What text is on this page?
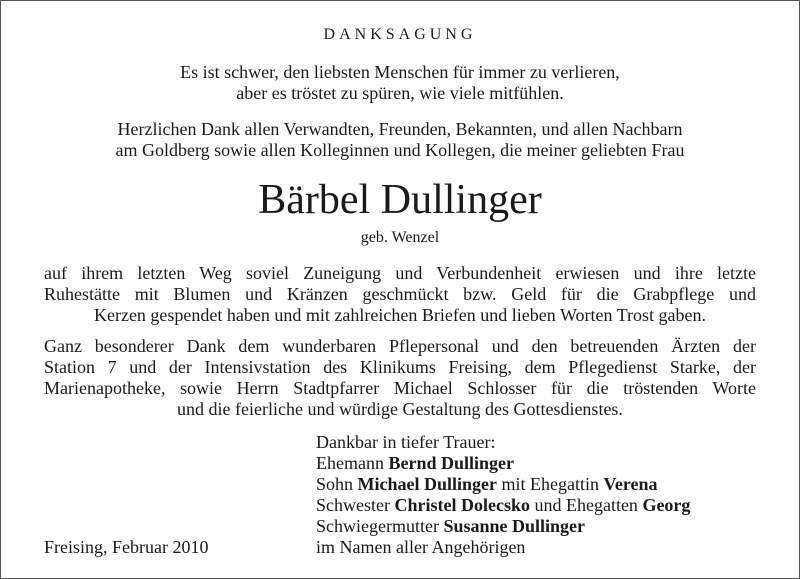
DANKSAGUNG
Es ist schwer, den liebsten Menschen für immer zu verlieren,
aber es tröstet zu spüren, wie viele mitfühlen.
Herzlichen Dank allen Verwandten, Freunden, Bekannten, und allen Nachbarn
am Goldberg sowie allen Kolleginnen und Kollegen, die meiner geliebten Frau
Bärbel Dullinger
geb. Wenzel
auf ihrem letzten Weg soviel Zuneigung und Verbundenheit erwiesen und ihre letzte
Ruhestätte mit Blumen und Kränzen geschmückt bzw. Geld für die Grabpflege und
Kerzen gespendet haben und mit zahlreichen Briefen und lieben Worten Trost gaben.
Ganz besonderer Dank dem wunderbaren Pflepersonal und den betreuenden Ärzten der
Station 7 und der Intensivstation des Klinikums Freising, dem Pflegedienst Starke, der
Marienapotheke, sowie Herrn Stadtpfarrer Michael Schlosser für die tröstenden Worte
und die feierliche und würdige Gestaltung des Gottesdienstes.
Dankbar in tiefer Trauer:
Ehemann Bernd Dullinger
Sohn Michael Dullinger mit Ehegattin Verena
Schwester Christel Dolecsko und Ehegatten Georg
Schwiegermutter Susanne Dullinger
im Namen aller Angehörigen
Freising, Februar 2010
